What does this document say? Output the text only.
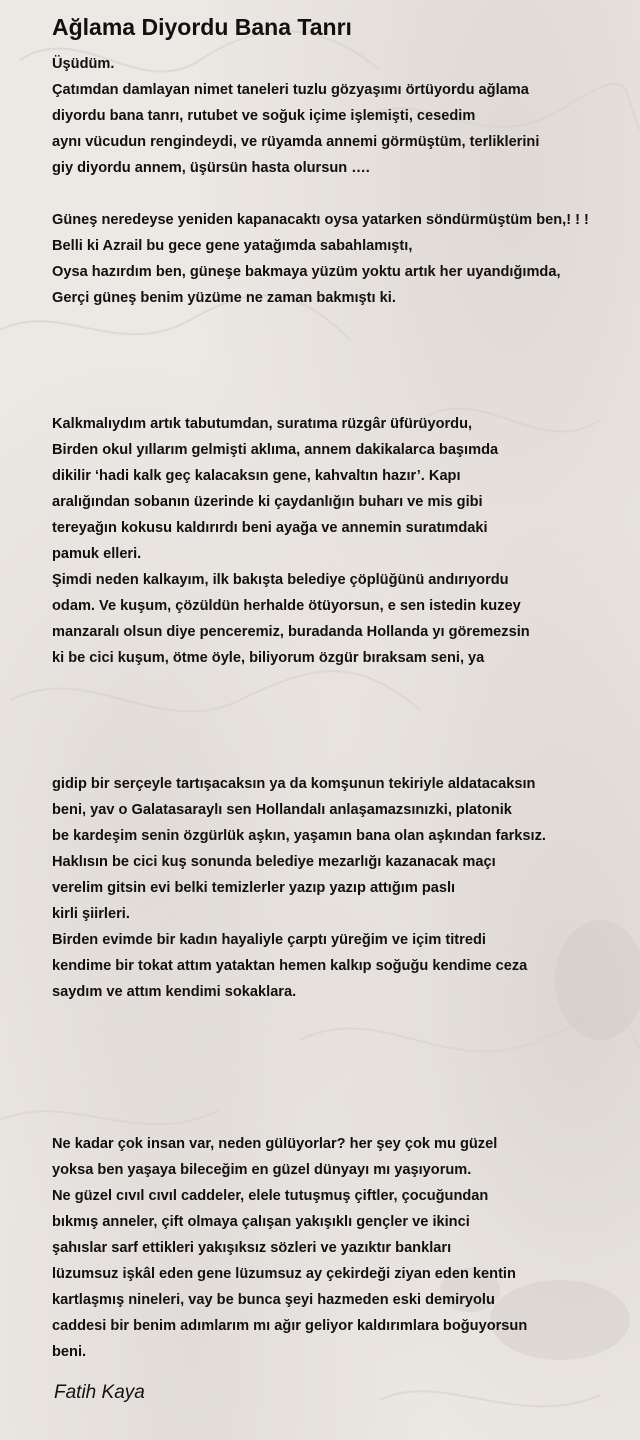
Ağlama Diyordu Bana Tanrı
Üşüdüm.
Çatımdan damlayan nimet taneleri tuzlu gözyaşımı örtüyordu ağlama
diyordu bana tanrı, rutubet ve soğuk içime işlemişti, cesedim
aynı vücudun rengindeydi, ve rüyamda annemi görmüştüm, terliklerini
giy diyordu annem, üşürsün hasta olursun ….
Güneş neredeyse yeniden kapanacaktı oysa yatarken söndürmüştüm ben,! ! !
Belli ki Azrail bu gece gene yatağımda sabahlamıştı,
Oysa hazırdım ben, güneşe bakmaya yüzüm yoktu artık her uyandığımda,
Gerçi güneş benim yüzüme ne zaman bakmıştı ki.
Kalkmalıydım artık tabutumdan, suratıma rüzgâr üfürüyordu,
Birden okul yıllarım gelmişti aklıma, annem dakikalarca başımda
dikilir ‘hadi kalk geç kalacaksın gene, kahvaltın hazır’. Kapı
aralığından sobanın üzerinde ki çaydanlığın buharı ve mis gibi
tereyağın kokusu kaldırırdı beni ayağa ve annemin suratımdaki
pamuk elleri.
Şimdi neden kalkayım, ilk bakışta belediye çöplüğünü andırıyordu
odam. Ve kuşum, çözüldün herhalde ötüyorsun, e sen istedin kuzey
manzaralı olsun diye penceremiz, buradanda Hollanda yı göremezsin
ki be cici kuşum, ötme öyle, biliyorum özgür bıraksam seni, ya
gidip bir serçeyle tartışacaksın ya da komşunun tekiriyle aldatacaksın
beni, yav o Galatasaraylı sen Hollandalı anlaşamazsınızki, platonik
be kardeşim senin özgürlük aşkın, yaşamın bana olan aşkından farksız.
Haklısın be cici kuş sonunda belediye mezarlığı kazanacak maçı
verelim gitsin evi belki temizlerler yazıp yazıp attığım paslı
kirli şiirleri.
Birden evimde bir kadın hayaliyle çarptı yüreğim ve içim titredi
kendime bir tokat attım yataktan hemen kalkıp soğuğu kendime ceza
saydım ve attım kendimi sokaklara.
Ne kadar çok insan var, neden gülüyorlar? her şey çok mu güzel
yoksa ben yaşaya bileceğim en güzel dünyayı mı yaşıyorum.
Ne güzel cıvıl cıvıl caddeler, elele tutuşmuş çiftler, çocuğundan
bıkmış anneler, çift olmaya çalışan yakışıklı gençler ve ikinci
şahıslar sarf ettikleri yakışıksız sözleri ve yazıktır bankları
lüzumsuz işkâl eden gene lüzumsuz ay çekirdeği ziyan eden kentin
kartlaşmış nineleri, vay be bunca şeyi hazmeden eski demiryolu
caddesi bir benim adımlarım mı ağır geliyor kaldırımlara boğuyorsun
beni.
Fatih Kaya
